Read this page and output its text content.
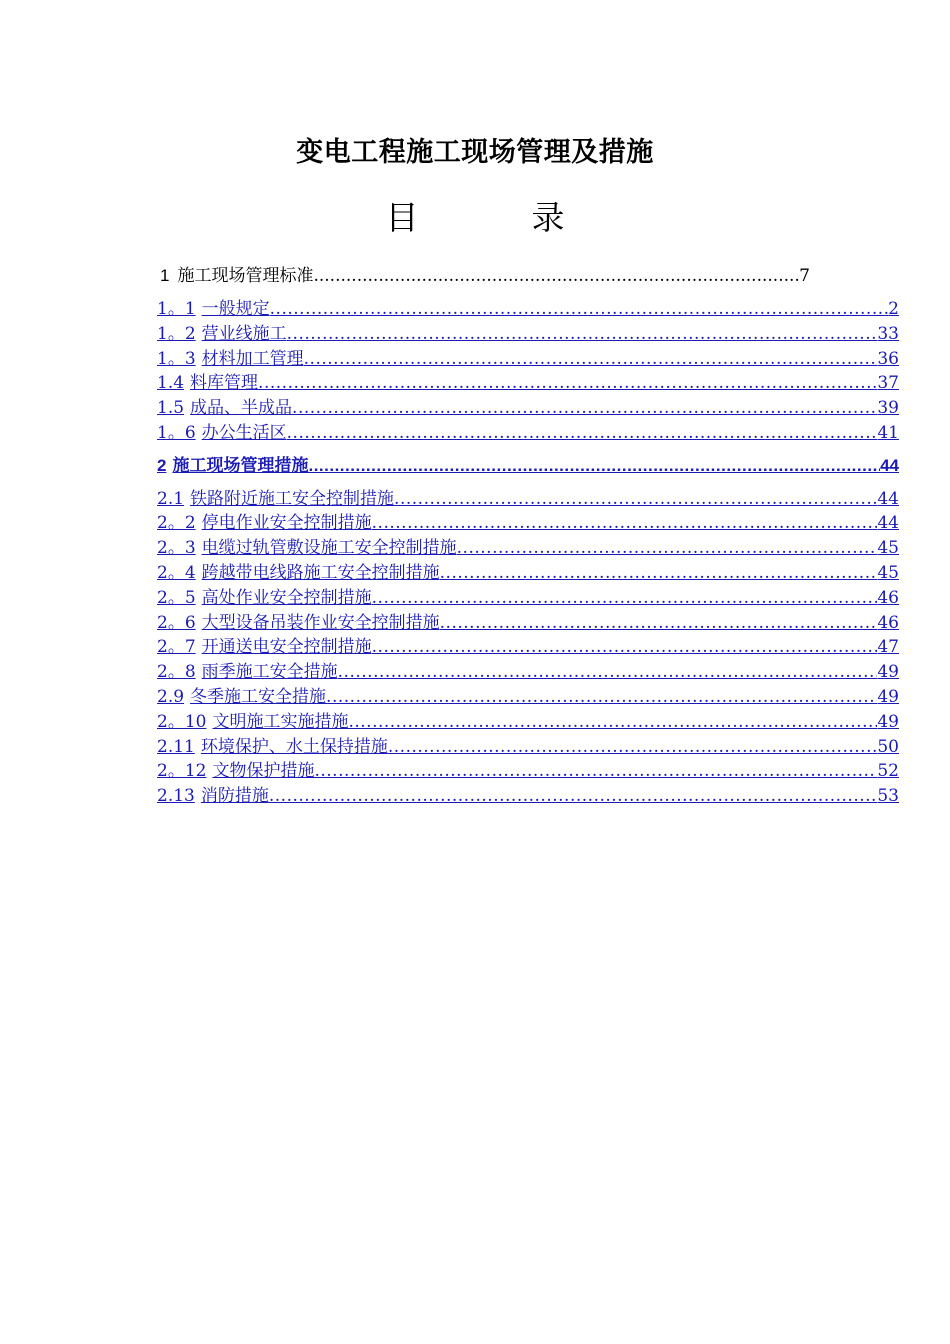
变电工程施工现场管理及措施
目　录
1 施工现场管理标准 .....	7
1。1 一般规定 .....	2
1。2 营业线施工 .....	33
1。3 材料加工管理 .....	36
1.4 料库管理 .....	37
1.5 成品、半成品 .....	39
1。6 办公生活区 .....	41
2 施工现场管理措施 .....	44
2.1 铁路附近施工安全控制措施 .....	44
2。2 停电作业安全控制措施 .....	44
2。3 电缆过轨管敷设施工安全控制措施 .....	45
2。4 跨越带电线路施工安全控制措施 .....	45
2。5 高处作业安全控制措施 .....	46
2。6 大型设备吊装作业安全控制措施 .....	46
2。7 开通送电安全控制措施 .....	47
2。8 雨季施工安全措施 .....	49
2.9 冬季施工安全措施 .....	49
2。10 文明施工实施措施 .....	49
2.11 环境保护、水土保持措施 .....	50
2。12 文物保护措施 .....	52
2.13 消防措施 .....	53
